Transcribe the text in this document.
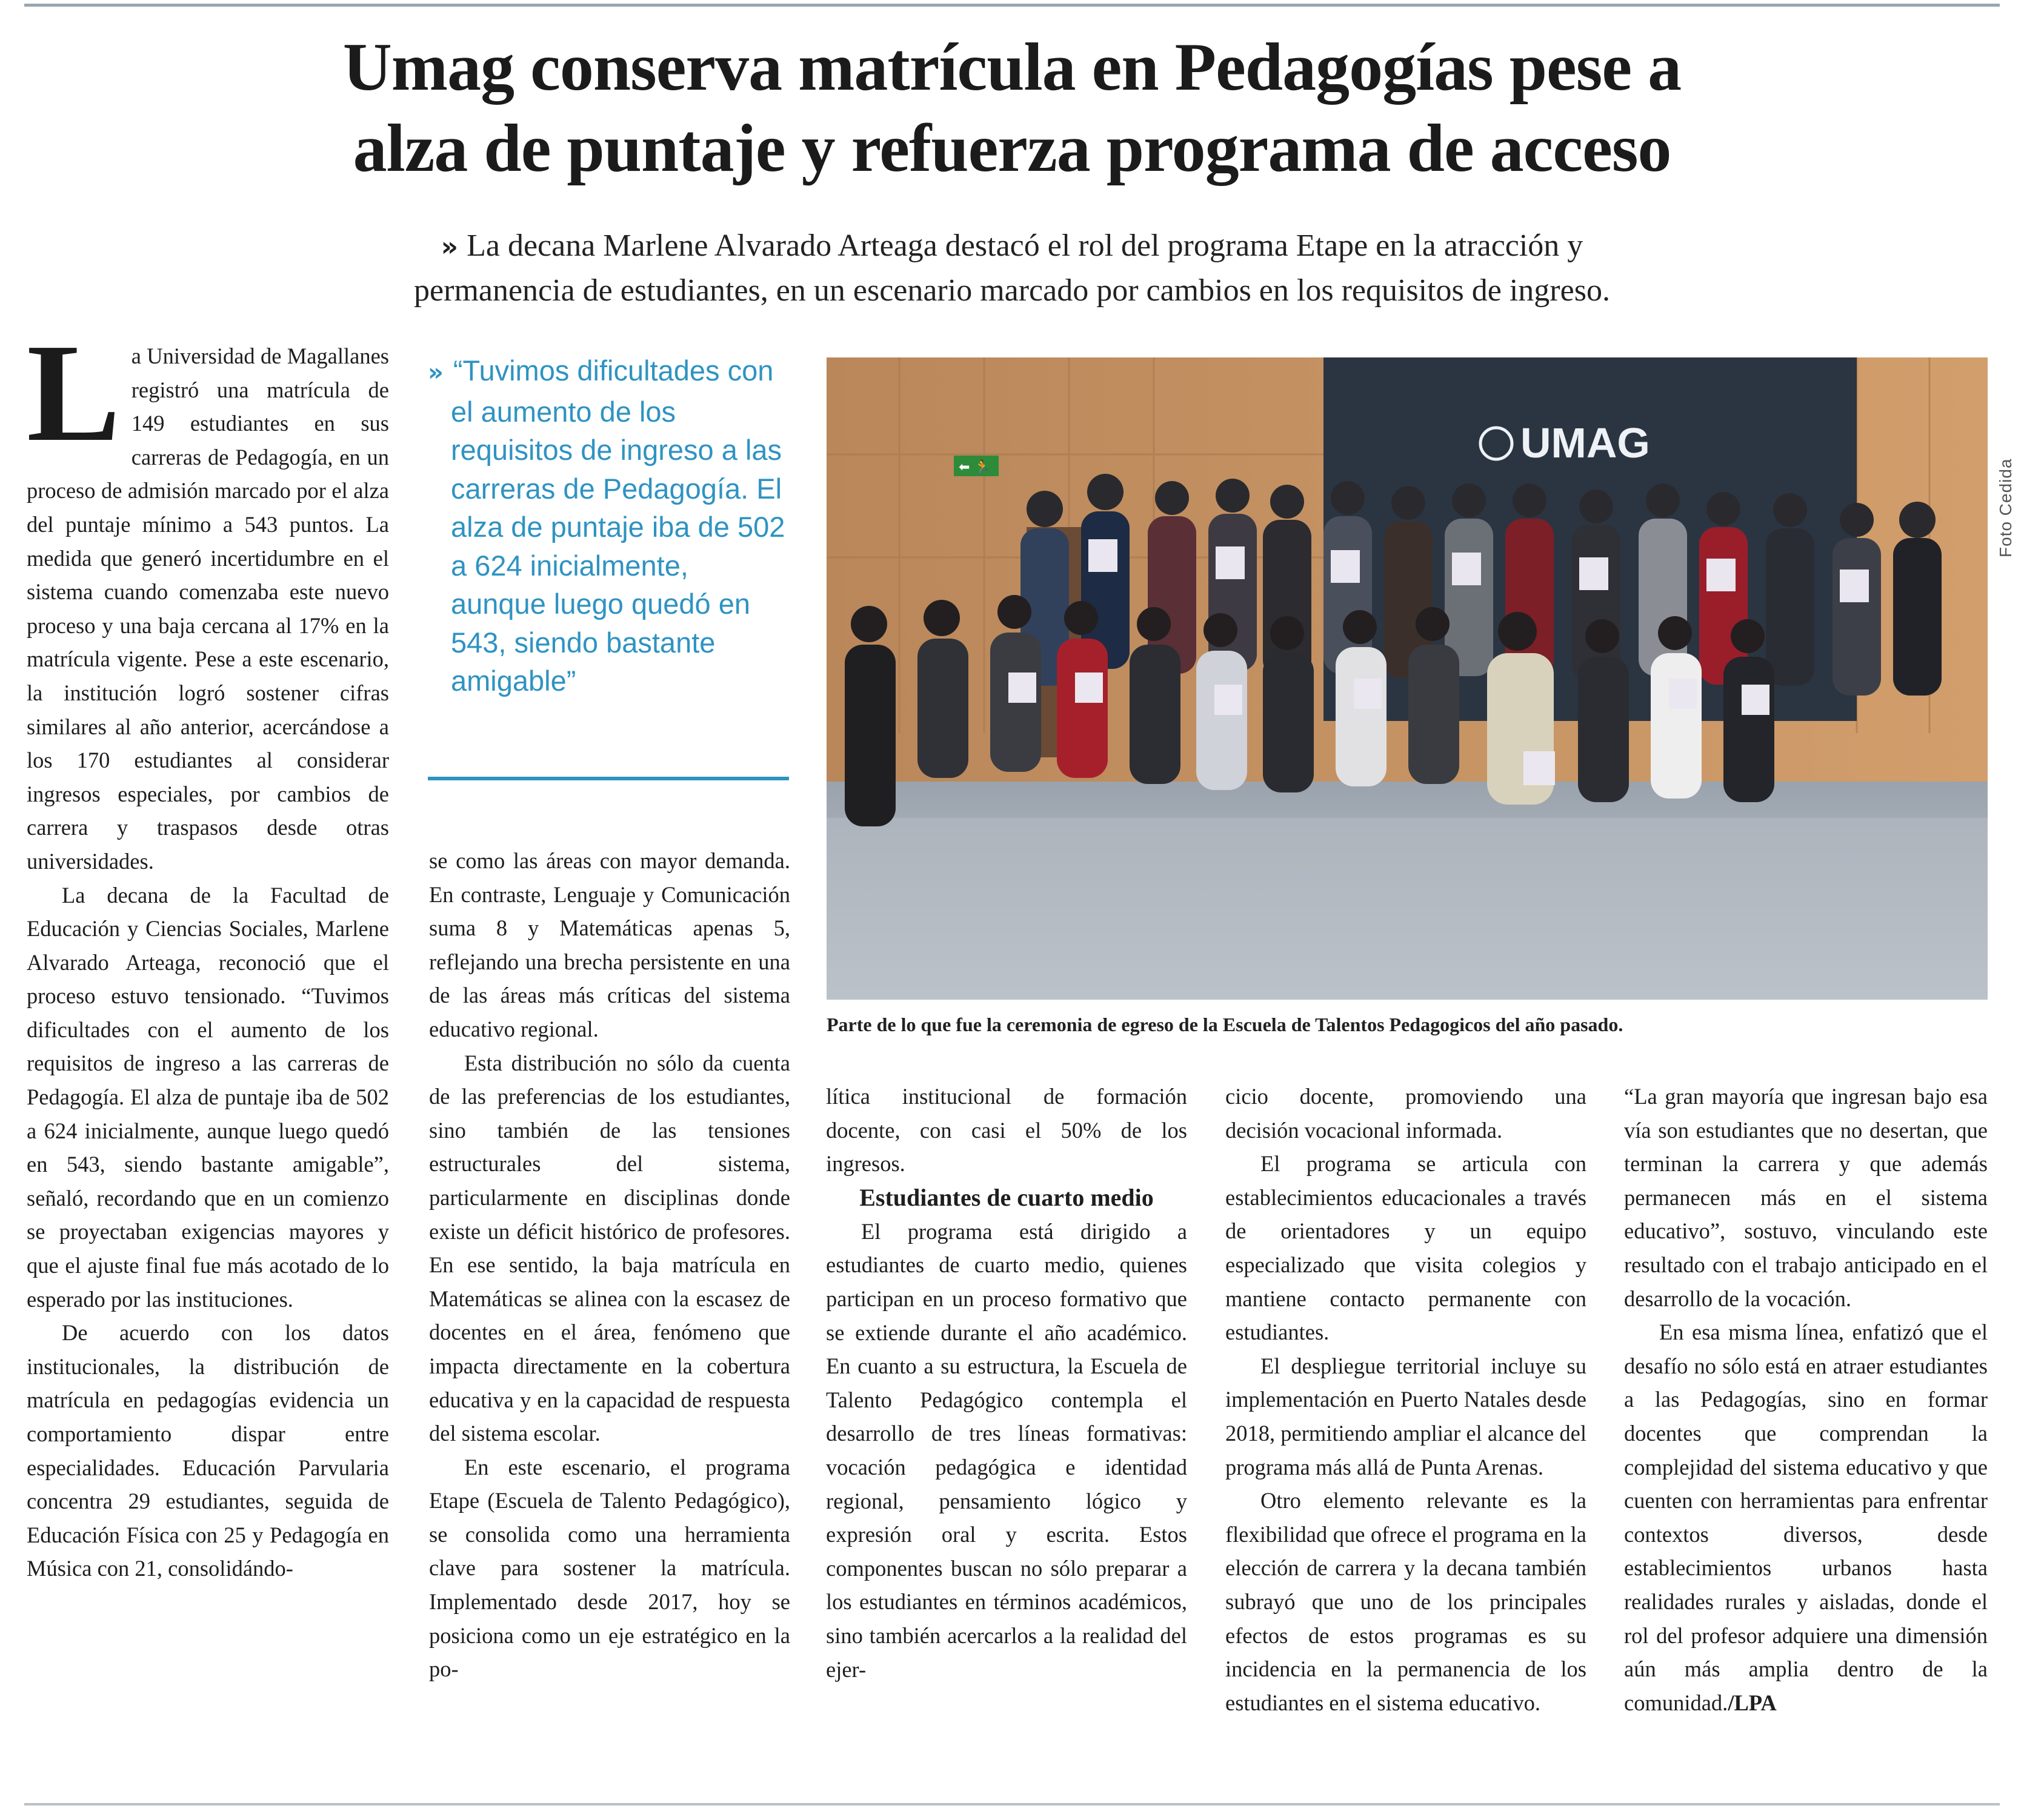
Umag conserva matrícula en Pedagogías pese a
alza de puntaje y refuerza programa de acceso

» La decana Marlene Alvarado Arteaga destacó el rol del programa Etape en la atracción y
permanencia de estudiantes, en un escenario marcado por cambios en los requisitos de ingreso.

La Universidad de Magallanes registró una matrícula de 149 estudiantes en sus carreras de Pedagogía, en un proceso de admisión marcado por el alza del puntaje mínimo a 543 puntos. La medida que generó incertidumbre en el sistema cuando comenzaba este nuevo proceso y una baja cercana al 17% en la matrícula vigente. Pese a este escenario, la institución logró sostener cifras similares al año anterior, acercándose a los 170 estudiantes al considerar ingresos especiales, por cambios de carrera y traspasos desde otras universidades.

La decana de la Facultad de Educación y Ciencias Sociales, Marlene Alvarado Arteaga, reconoció que el proceso estuvo tensionado. “Tuvimos dificultades con el aumento de los requisitos de ingreso a las carreras de Pedagogía. El alza de puntaje iba de 502 a 624 inicialmente, aunque luego quedó en 543, siendo bastante amigable”, señaló, recordando que en un comienzo se proyectaban exigencias mayores y que el ajuste final fue más acotado de lo esperado por las instituciones.

De acuerdo con los datos institucionales, la distribución de matrícula en pedagogías evidencia un comportamiento dispar entre especialidades. Educación Parvularia concentra 29 estudiantes, seguida de Educación Física con 25 y Pedagogía en Música con 21, consolidándo-

» “Tuvimos dificultades con el aumento de los requisitos de ingreso a las carreras de Pedagogía. El alza de puntaje iba de 502 a 624 inicialmente, aunque luego quedó en 543, siendo bastante amigable”

se como las áreas con mayor demanda. En contraste, Lenguaje y Comunicación suma 8 y Matemáticas apenas 5, reflejando una brecha persistente en una de las áreas más críticas del sistema educativo regional.

Esta distribución no sólo da cuenta de las preferencias de los estudiantes, sino también de las tensiones estructurales del sistema, particularmente en disciplinas donde existe un déficit histórico de profesores. En ese sentido, la baja matrícula en Matemáticas se alinea con la escasez de docentes en el área, fenómeno que impacta directamente en la cobertura educativa y en la capacidad de respuesta del sistema escolar.

En este escenario, el programa Etape (Escuela de Talento Pedagógico), se consolida como una herramienta clave para sostener la matrícula. Implementado desde 2017, hoy se posiciona como un eje estratégico en la po-

UMAG
⬅ 🏃	Foto Cedida

Parte de lo que fue la ceremonia de egreso de la Escuela de Talentos Pedagogicos del año pasado.

lítica institucional de formación docente, con casi el 50% de los ingresos.

Estudiantes de cuarto medio

El programa está dirigido a estudiantes de cuarto medio, quienes participan en un proceso formativo que se extiende durante el año académico. En cuanto a su estructura, la Escuela de Talento Pedagógico contempla el desarrollo de tres líneas formativas: vocación pedagógica e identidad regional, pensamiento lógico y expresión oral y escrita. Estos componentes buscan no sólo preparar a los estudiantes en términos académicos, sino también acercarlos a la realidad del ejer-

cicio docente, promoviendo una decisión vocacional informada.

El programa se articula con establecimientos educacionales a través de orientadores y un equipo especializado que visita colegios y mantiene contacto permanente con estudiantes.

El despliegue territorial incluye su implementación en Puerto Natales desde 2018, permitiendo ampliar el alcance del programa más allá de Punta Arenas.

Otro elemento relevante es la flexibilidad que ofrece el programa en la elección de carrera y la decana también subrayó que uno de los principales efectos de estos programas es su incidencia en la permanencia de los estudiantes en el sistema educativo.

“La gran mayoría que ingresan bajo esa vía son estudiantes que no desertan, que terminan la carrera y que además permanecen más en el sistema educativo”, sostuvo, vinculando este resultado con el trabajo anticipado en el desarrollo de la vocación.

En esa misma línea, enfatizó que el desafío no sólo está en atraer estudiantes a las Pedagogías, sino en formar docentes que comprendan la complejidad del sistema educativo y que cuenten con herramientas para enfrentar contextos diversos, desde establecimientos urbanos hasta realidades rurales y aisladas, donde el rol del profesor adquiere una dimensión aún más amplia dentro de la comunidad./LPA
